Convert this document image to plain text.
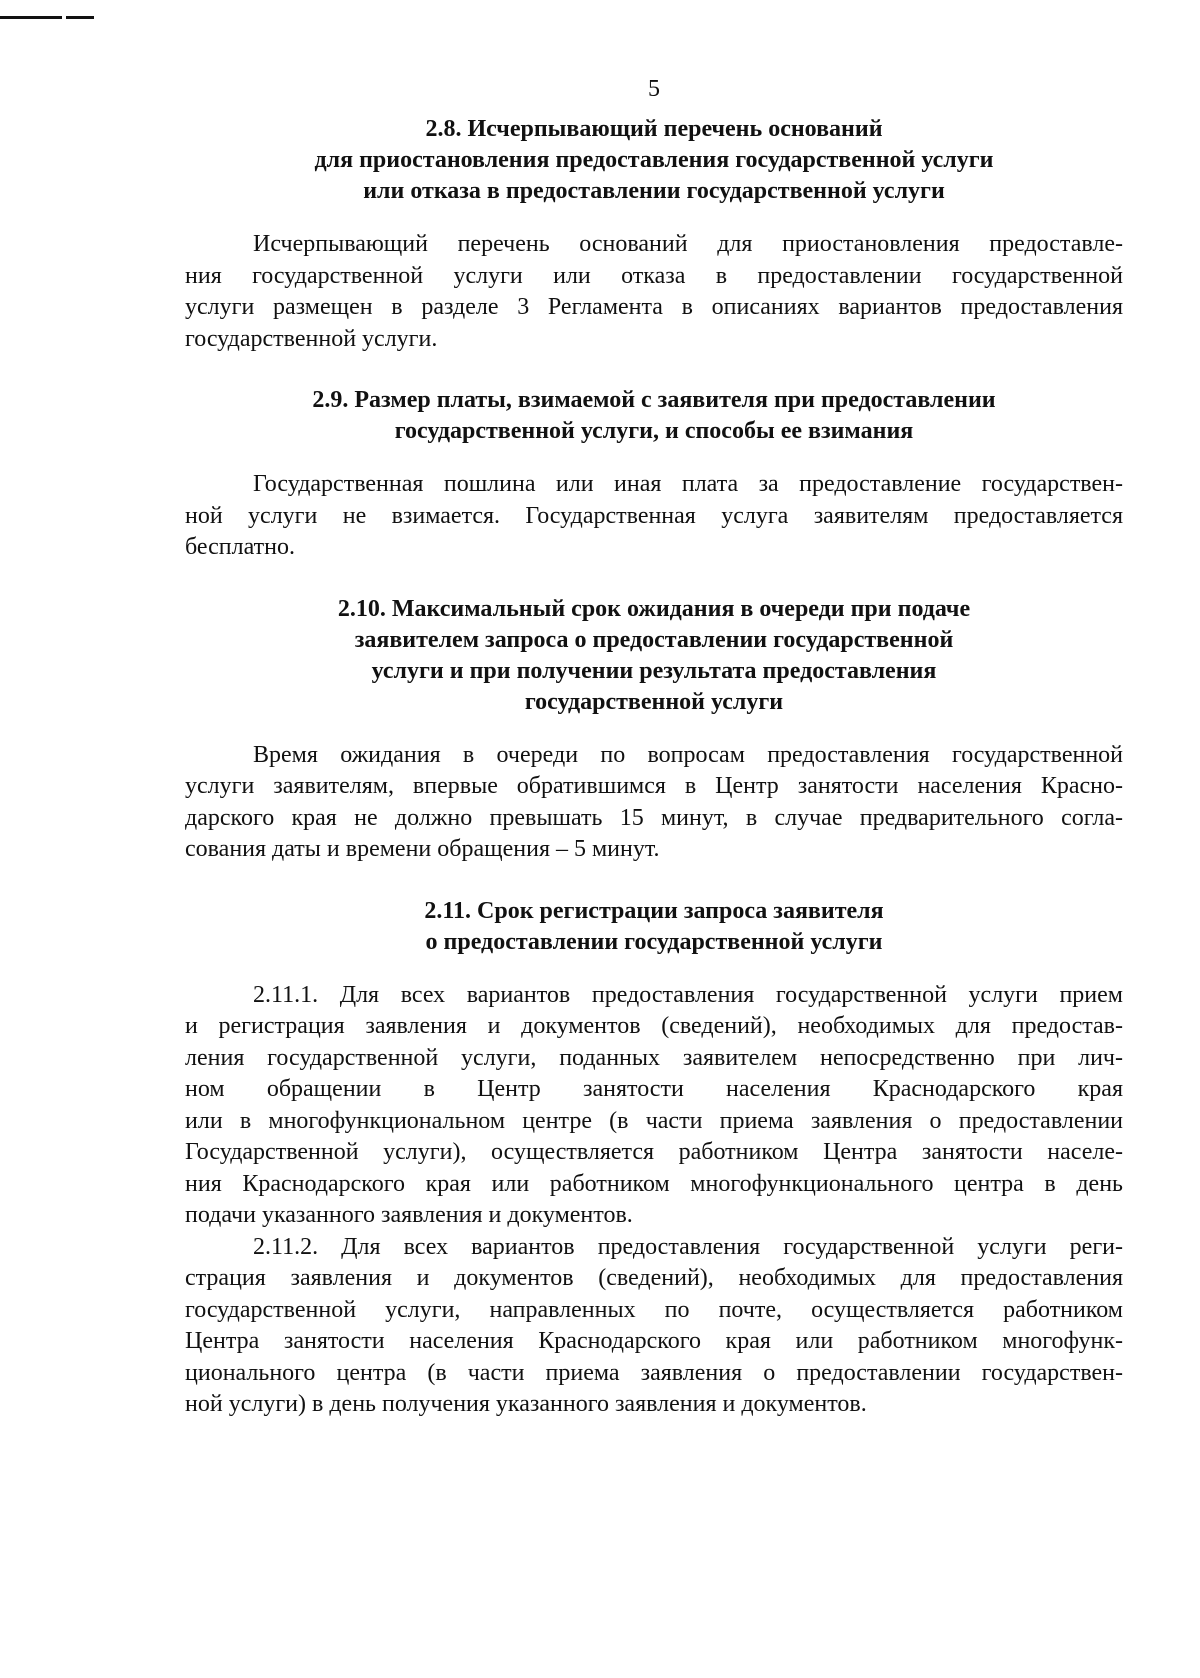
5
2.8. Исчерпывающий перечень оснований
для приостановления предоставления государственной услуги
или отказа в предоставлении государственной услуги
Исчерпывающий перечень оснований для приостановления предоставле-
ния государственной услуги или отказа в предоставлении государственной
услуги размещен в разделе 3 Регламента в описаниях вариантов предоставления
государственной услуги.
2.9. Размер платы, взимаемой с заявителя при предоставлении
государственной услуги, и способы ее взимания
Государственная пошлина или иная плата за предоставление государствен-
ной услуги не взимается. Государственная услуга заявителям предоставляется
бесплатно.
2.10. Максимальный срок ожидания в очереди при подаче
заявителем запроса о предоставлении государственной
услуги и при получении результата предоставления
государственной услуги
Время ожидания в очереди по вопросам предоставления государственной
услуги заявителям, впервые обратившимся в Центр занятости населения Красно-
дарского края не должно превышать 15 минут, в случае предварительного согла-
сования даты и времени обращения – 5 минут.
2.11. Срок регистрации запроса заявителя
о предоставлении государственной услуги
2.11.1. Для всех вариантов предоставления государственной услуги прием
и регистрация заявления и документов (сведений), необходимых для предостав-
ления государственной услуги, поданных заявителем непосредственно при лич-
ном обращении в Центр занятости населения Краснодарского края
или в многофункциональном центре (в части приема заявления о предоставлении
Государственной услуги), осуществляется работником Центра занятости населе-
ния Краснодарского края или работником многофункционального центра в день
подачи указанного заявления и документов.
2.11.2. Для всех вариантов предоставления государственной услуги реги-
страция заявления и документов (сведений), необходимых для предоставления
государственной услуги, направленных по почте, осуществляется работником
Центра занятости населения Краснодарского края или работником многофунк-
ционального центра (в части приема заявления о предоставлении государствен-
ной услуги) в день получения указанного заявления и документов.
